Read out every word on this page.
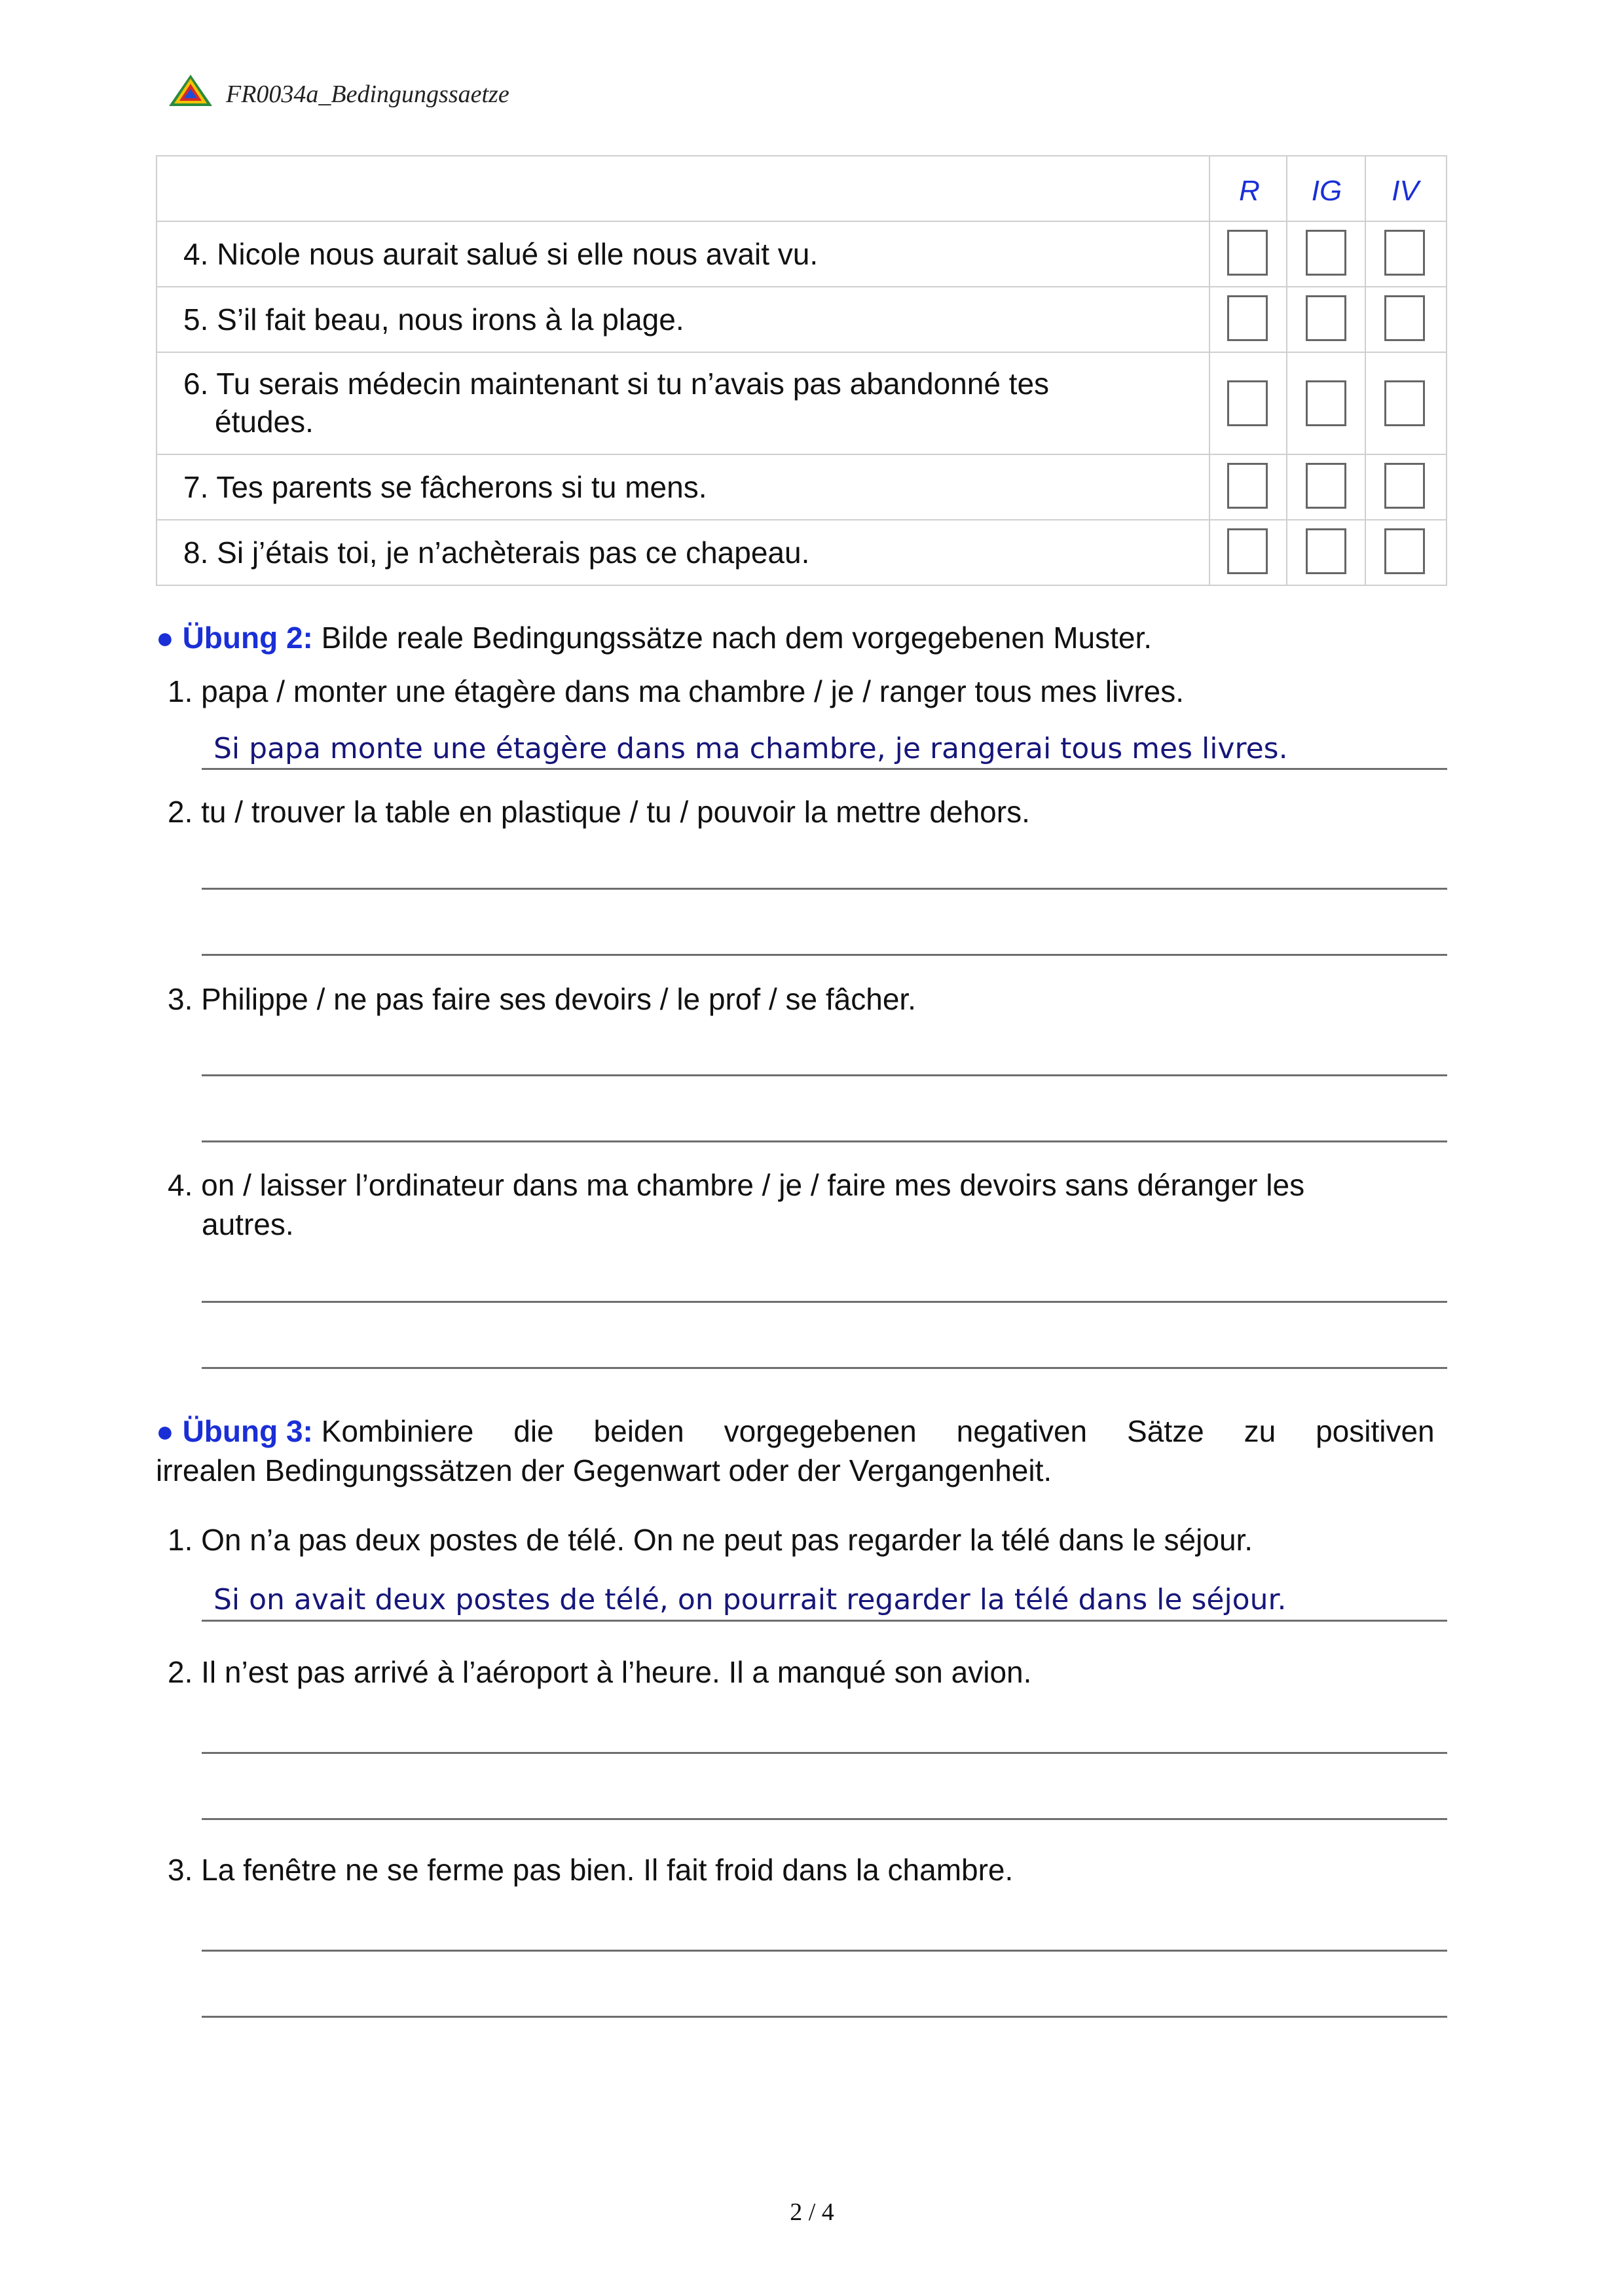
FR0034a_Bedingungssaetze
R	IG	IV
4. Nicole nous aurait salué si elle nous avait vu.
5. S’il fait beau, nous irons à la plage.
6. Tu serais médecin maintenant si tu n’avais pas abandonné tes
études.
7. Tes parents se fâcherons si tu mens.
8. Si j’étais toi, je n’achèterais pas ce chapeau.
● Übung 2: Bilde reale Bedingungssätze nach dem vorgegebenen Muster.
1. papa / monter une étagère dans ma chambre / je / ranger tous mes livres.
Si papa monte une étagère dans ma chambre, je rangerai tous mes livres.
2. tu / trouver la table en plastique / tu / pouvoir la mettre dehors.
3. Philippe / ne pas faire ses devoirs / le prof / se fâcher.
4. on / laisser l’ordinateur dans ma chambre / je / faire mes devoirs sans déranger les
autres.
● Übung 3: Kombiniere die beiden vorgegebenen negativen Sätze zu positiven
irrealen Bedingungssätzen der Gegenwart oder der Vergangenheit.
1. On n’a pas deux postes de télé. On ne peut pas regarder la télé dans le séjour.
Si on avait deux postes de télé, on pourrait regarder la télé dans le séjour.
2. Il n’est pas arrivé à l’aéroport à l’heure. Il a manqué son avion.
3. La fenêtre ne se ferme pas bien. Il fait froid dans la chambre.
2 / 4
